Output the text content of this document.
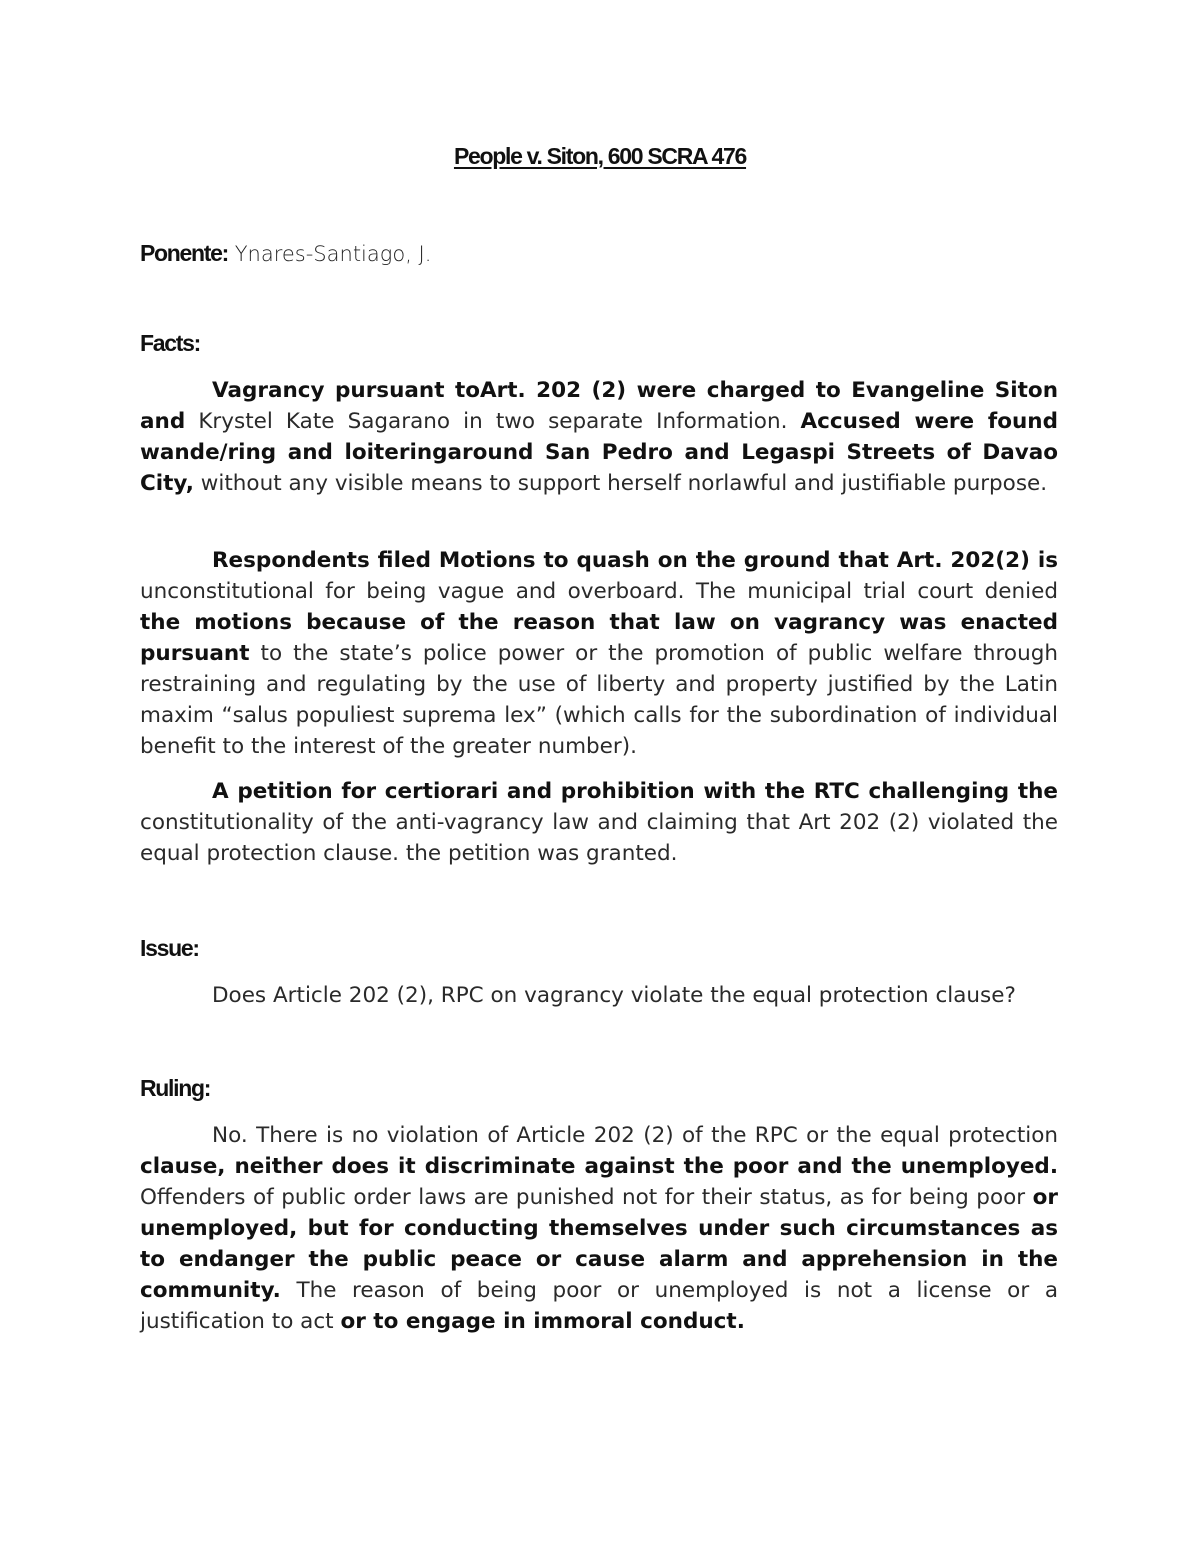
People v. Siton, 600 SCRA 476
Ponente: Ynares-Santiago, J.
Facts:

Vagrancy pursuant toArt. 202 (2) were charged to Evangeline Siton and Krystel Kate Sagarano in two separate Information. Accused were found wande/ring and loiteringaround San Pedro and Legaspi Streets of Davao City, without any visible means to support herself norlawful and justifiable purpose.

Respondents filed Motions to quash on the ground that Art. 202(2) is unconstitutional for being vague and overboard. The municipal trial court denied the motions because of the reason that law on vagrancy was enacted pursuant to the state’s police power or the promotion of public welfare through restraining and regulating by the use of liberty and property justified by the Latin maxim “salus populiest suprema lex” (which calls for the subordination of individual benefit to the interest of the greater number).

A petition for certiorari and prohibition with the RTC challenging the constitutionality of the anti-vagrancy law and claiming that Art 202 (2) violated the equal protection clause. the petition was granted.

Issue:

Does Article 202 (2), RPC on vagrancy violate the equal protection clause?

Ruling:

No. There is no violation of Article 202 (2) of the RPC or the equal protection clause, neither does it discriminate against the poor and the unemployed. Offenders of public order laws are punished not for their status, as for being poor or unemployed, but for conducting themselves under such circumstances as to endanger the public peace or cause alarm and apprehension in the community. The reason of being poor or unemployed is not a license or a justification to act or to engage in immoral conduct.
